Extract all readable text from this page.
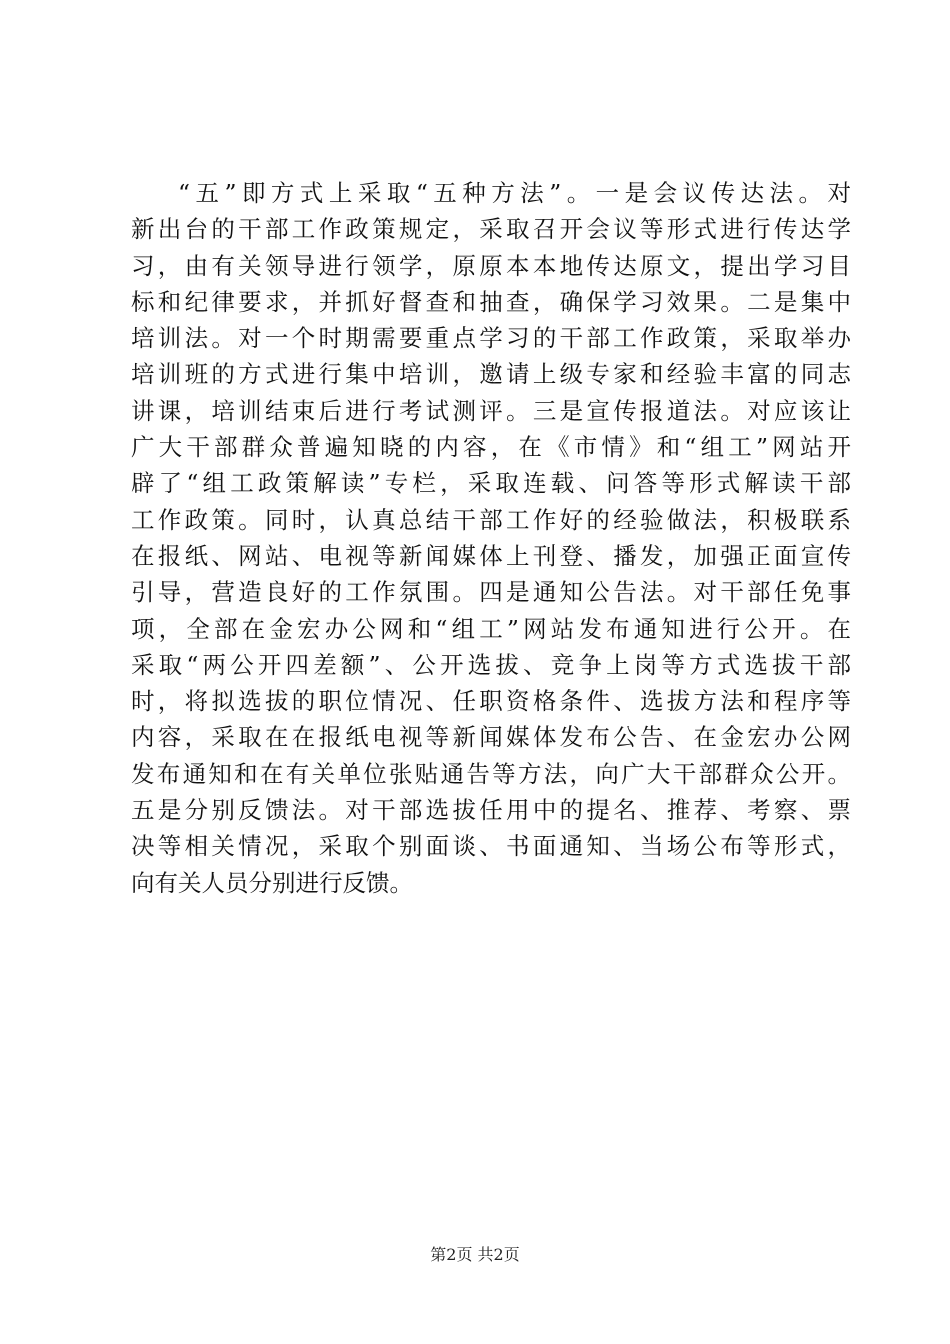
“五”即方式上采取“五种方法”。一是会议传达法。对
新出台的干部工作政策规定，采取召开会议等形式进行传达学
习，由有关领导进行领学，原原本本地传达原文，提出学习目
标和纪律要求，并抓好督查和抽查，确保学习效果。二是集中
培训法。对一个时期需要重点学习的干部工作政策，采取举办
培训班的方式进行集中培训，邀请上级专家和经验丰富的同志
讲课，培训结束后进行考试测评。三是宣传报道法。对应该让
广大干部群众普遍知晓的内容，在《市情》和“组工”网站开
辟了“组工政策解读”专栏，采取连载、问答等形式解读干部
工作政策。同时，认真总结干部工作好的经验做法，积极联系
在报纸、网站、电视等新闻媒体上刊登、播发，加强正面宣传
引导，营造良好的工作氛围。四是通知公告法。对干部任免事
项，全部在金宏办公网和“组工”网站发布通知进行公开。在
采取“两公开四差额”、公开选拔、竞争上岗等方式选拔干部
时，将拟选拔的职位情况、任职资格条件、选拔方法和程序等
内容，采取在在报纸电视等新闻媒体发布公告、在金宏办公网
发布通知和在有关单位张贴通告等方法，向广大干部群众公开。
五是分别反馈法。对干部选拔任用中的提名、推荐、考察、票
决等相关情况，采取个别面谈、书面通知、当场公布等形式，
向有关人员分别进行反馈。
第2页 共2页
